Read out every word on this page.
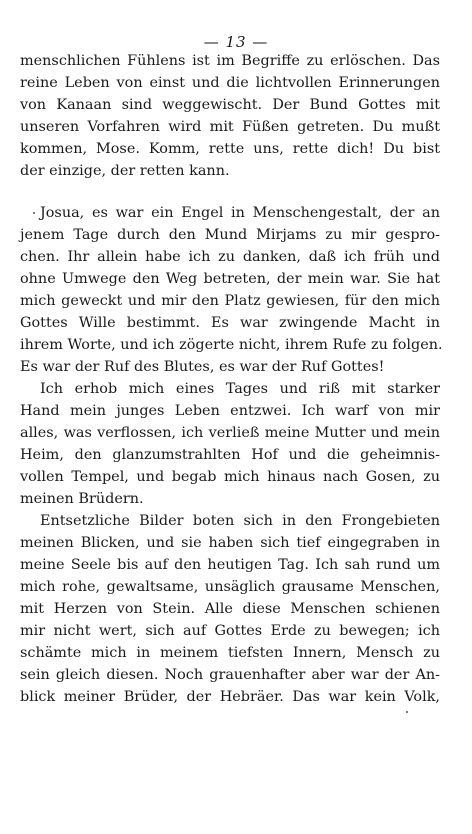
— 13 —
menschlichen Fühlens ist im Begriffe zu erlöschen. Das
reine Leben von einst und die lichtvollen Erinnerungen
von Kanaan sind weggewischt. Der Bund Gottes mit
unseren Vorfahren wird mit Füßen getreten. Du mußt
kommen, Mose. Komm, rette uns, rette dich! Du bist
der einzige, der retten kann.
Josua, es war ein Engel in Menschengestalt, der an
jenem Tage durch den Mund Mirjams zu mir gespro-
chen. Ihr allein habe ich zu danken, daß ich früh und
ohne Umwege den Weg betreten, der mein war. Sie hat
mich geweckt und mir den Platz gewiesen, für den mich
Gottes Wille bestimmt. Es war zwingende Macht in
ihrem Worte, und ich zögerte nicht, ihrem Rufe zu folgen.
Es war der Ruf des Blutes, es war der Ruf Gottes!
Ich erhob mich eines Tages und riß mit starker
Hand mein junges Leben entzwei. Ich warf von mir
alles, was verflossen, ich verließ meine Mutter und mein
Heim, den glanzumstrahlten Hof und die geheimnis-
vollen Tempel, und begab mich hinaus nach Gosen, zu
meinen Brüdern.
Entsetzliche Bilder boten sich in den Frongebieten
meinen Blicken, und sie haben sich tief eingegraben in
meine Seele bis auf den heutigen Tag. Ich sah rund um
mich rohe, gewaltsame, unsäglich grausame Menschen,
mit Herzen von Stein. Alle diese Menschen schienen
mir nicht wert, sich auf Gottes Erde zu bewegen; ich
schämte mich in meinem tiefsten Innern, Mensch zu
sein gleich diesen. Noch grauenhafter aber war der An-
blick meiner Brüder, der Hebräer. Das war kein Volk,
